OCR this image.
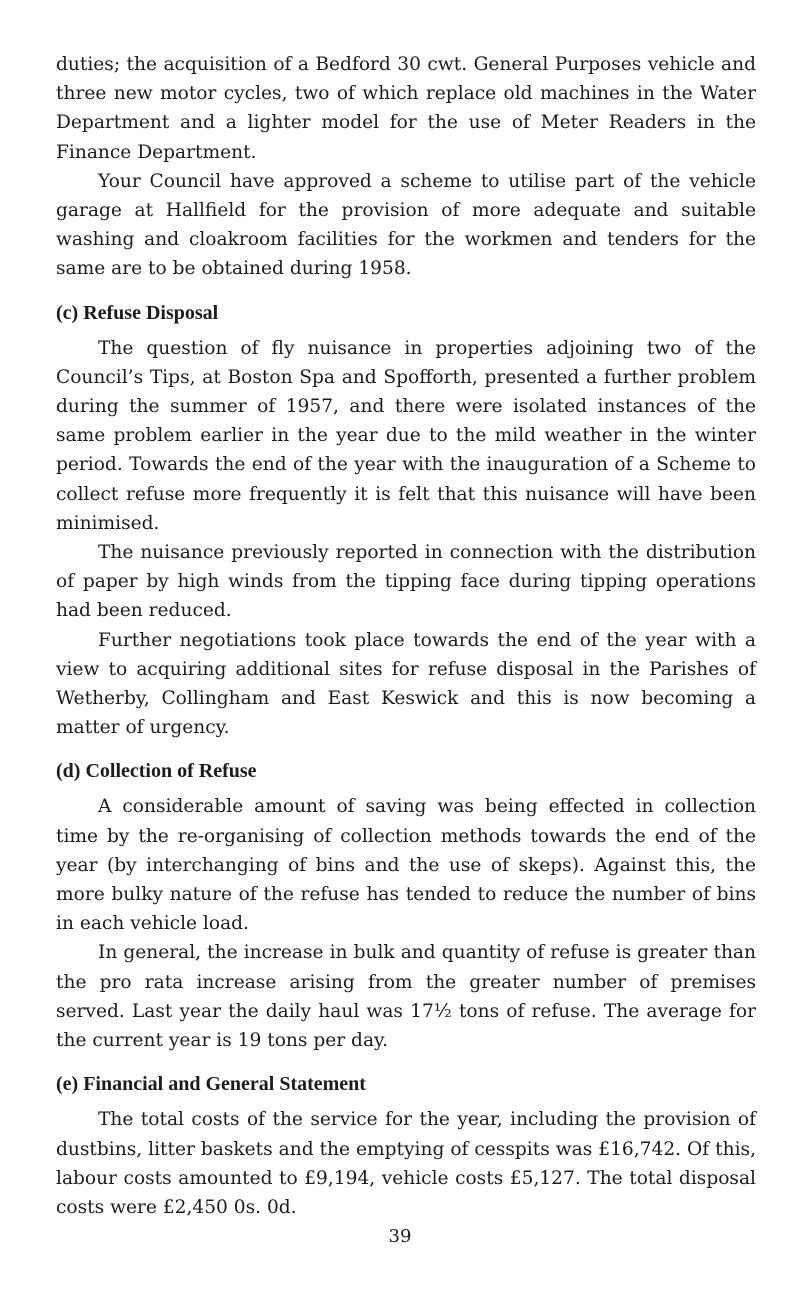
duties; the acquisition of a Bedford 30 cwt. General Purposes vehicle and three new motor cycles, two of which replace old machines in the Water Department and a lighter model for the use of Meter Readers in the Finance Department.

Your Council have approved a scheme to utilise part of the vehicle garage at Hallfield for the provision of more adequate and suitable washing and cloakroom facilities for the workmen and tenders for the same are to be obtained during 1958.

(c) Refuse Disposal

The question of fly nuisance in properties adjoining two of the Council’s Tips, at Boston Spa and Spofforth, presented a further problem during the summer of 1957, and there were isolated instances of the same problem earlier in the year due to the mild weather in the winter period. Towards the end of the year with the inauguration of a Scheme to collect refuse more frequently it is felt that this nuisance will have been minimised.

The nuisance previously reported in connection with the distribution of paper by high winds from the tipping face during tipping operations had been reduced.

Further negotiations took place towards the end of the year with a view to acquiring additional sites for refuse disposal in the Parishes of Wetherby, Collingham and East Keswick and this is now becoming a matter of urgency.

(d) Collection of Refuse

A considerable amount of saving was being effected in collection time by the re-organising of collection methods towards the end of the year (by interchanging of bins and the use of skeps). Against this, the more bulky nature of the refuse has tended to reduce the number of bins in each vehicle load.

In general, the increase in bulk and quantity of refuse is greater than the pro rata increase arising from the greater number of premises served. Last year the daily haul was 17½ tons of refuse. The average for the current year is 19 tons per day.

(e) Financial and General Statement

The total costs of the service for the year, including the provision of dustbins, litter baskets and the emptying of cesspits was £16,742. Of this, labour costs amounted to £9,194, vehicle costs £5,127. The total disposal costs were £2,450 0s. 0d.

39
